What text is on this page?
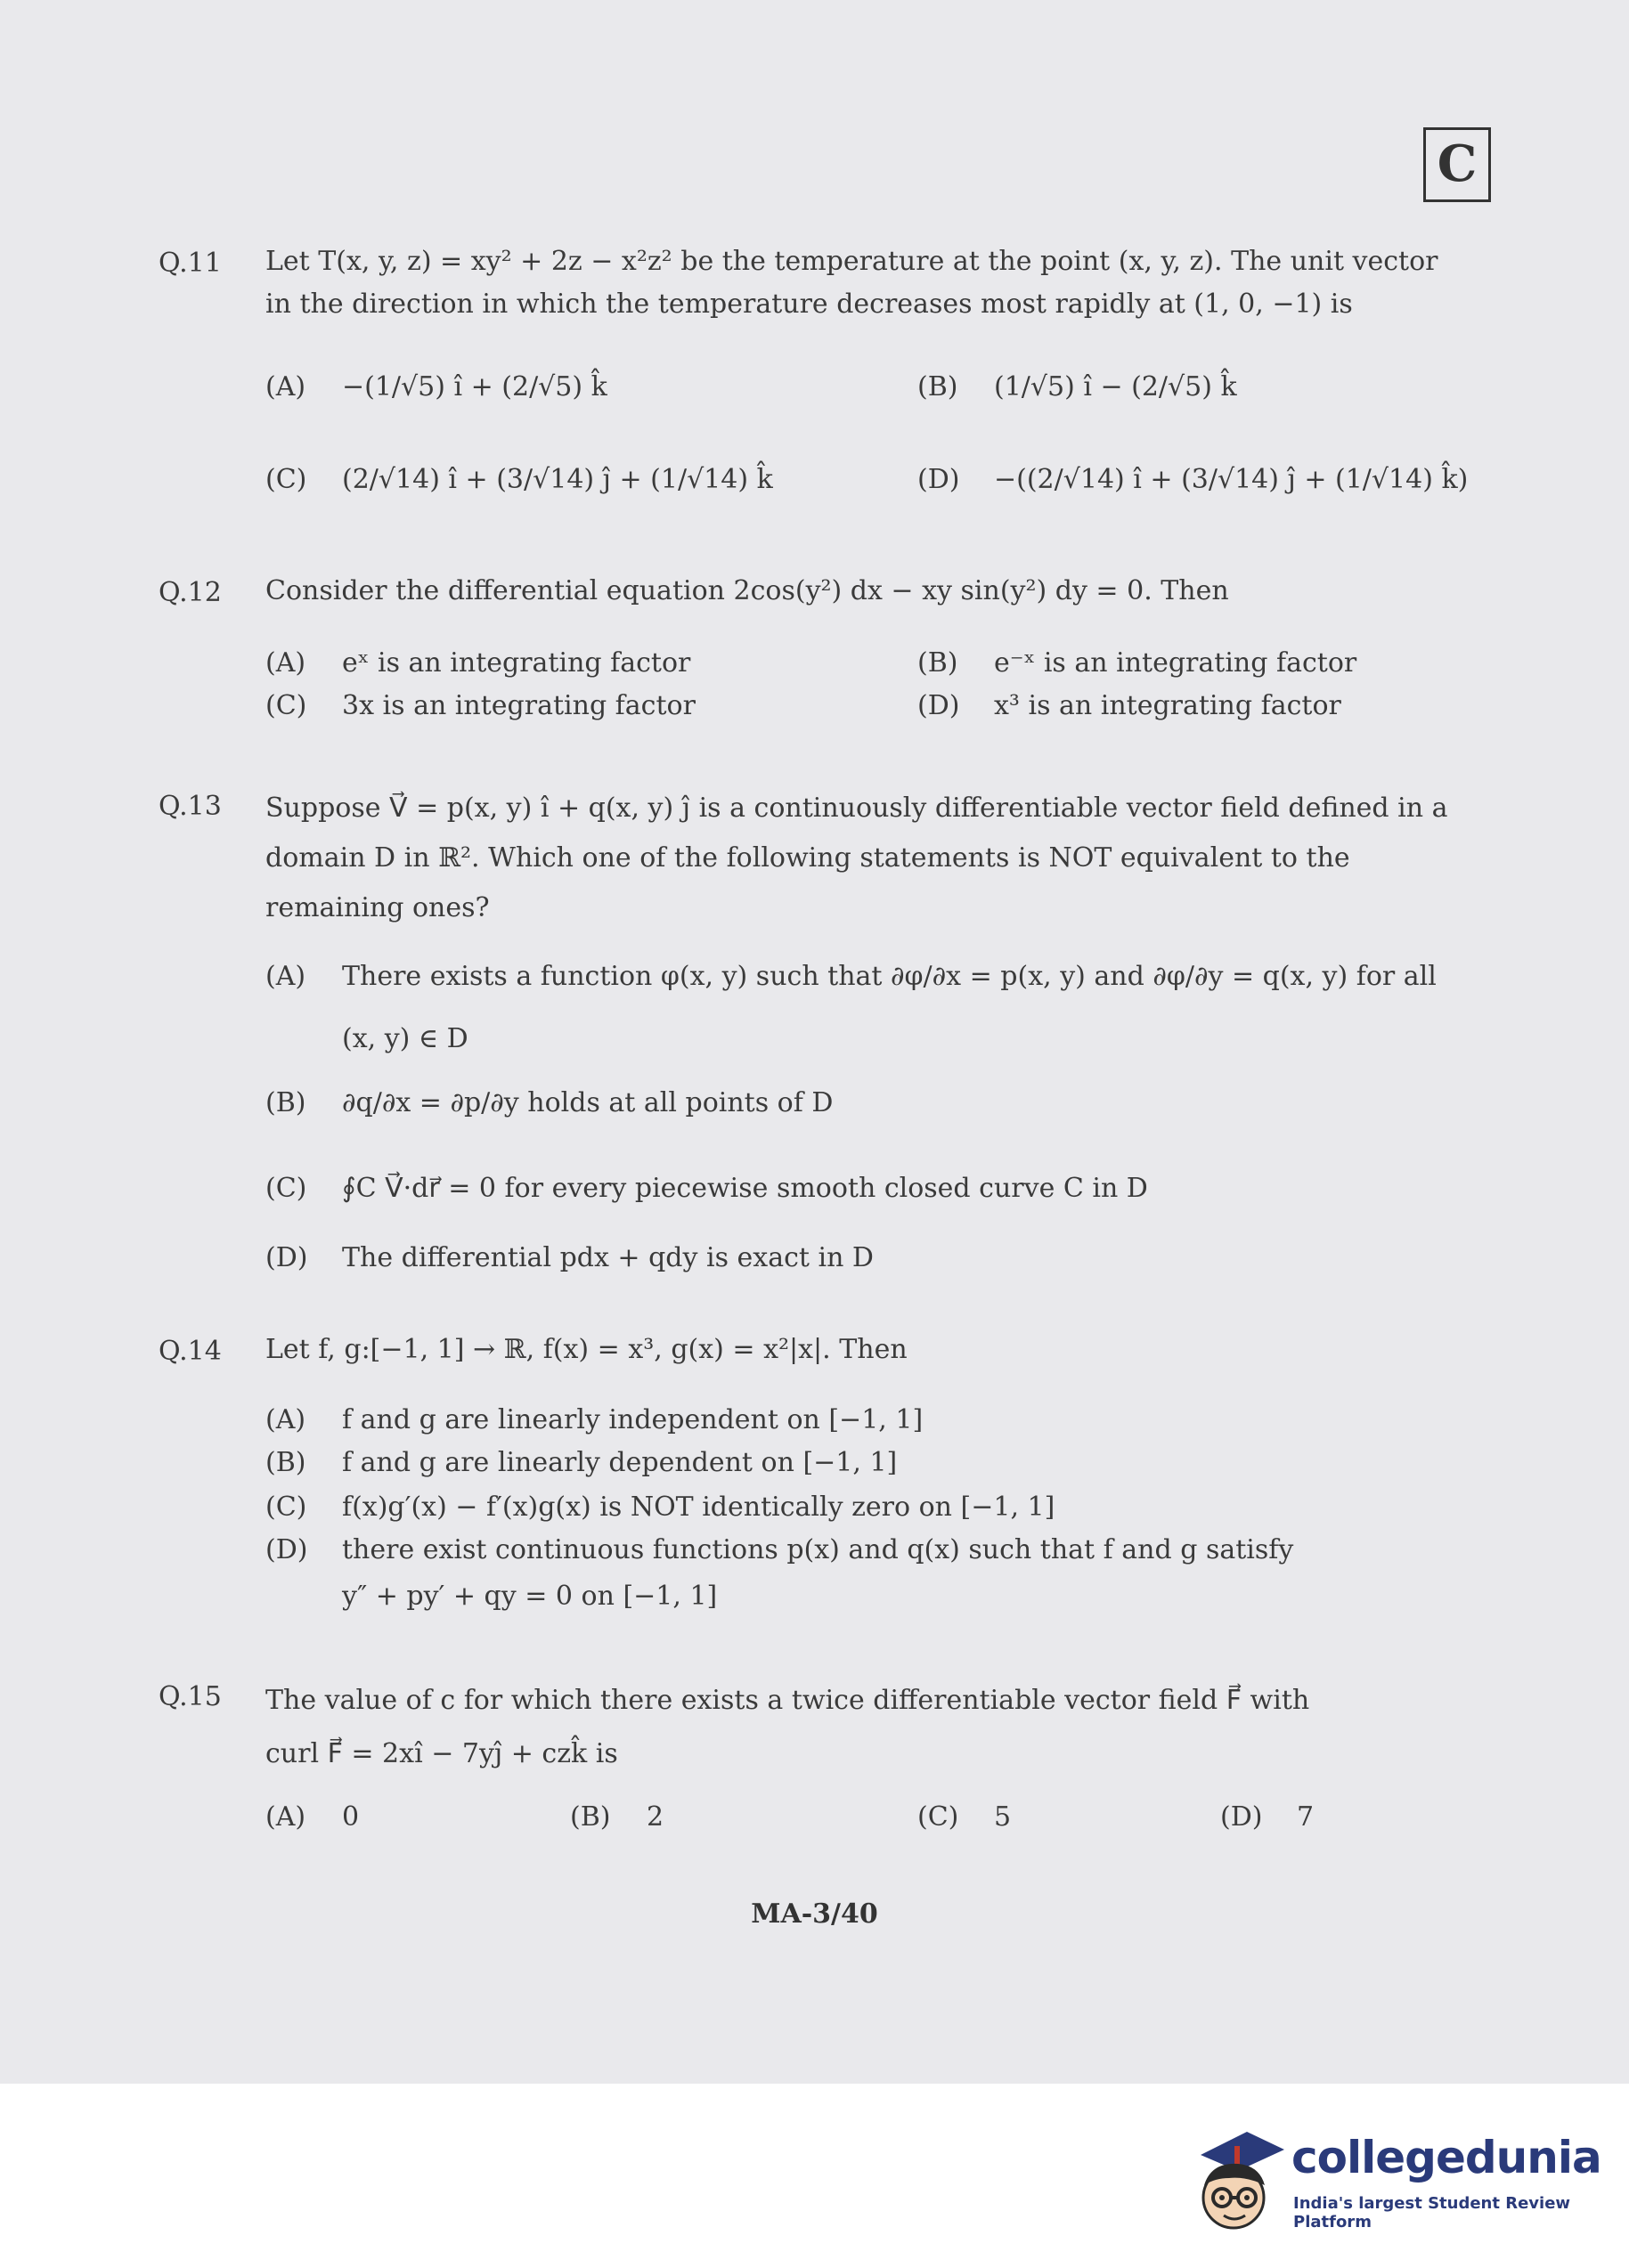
C
Q.11 Let T(x, y, z) = xy² + 2z − x²z² be the temperature at the point (x, y, z). The unit vector
in the direction in which the temperature decreases most rapidly at (1, 0, −1) is
(A) −(1/√5) î + (2/√5) k̂	(B) (1/√5) î − (2/√5) k̂
(C) (2/√14) î + (3/√14) ĵ + (1/√14) k̂	(D) −((2/√14) î + (3/√14) ĵ + (1/√14) k̂)
Q.12 Consider the differential equation 2cos(y²) dx − xy sin(y²) dy = 0. Then
(A) eˣ is an integrating factor	(B) e⁻ˣ is an integrating factor
(C) 3x is an integrating factor	(D) x³ is an integrating factor
Q.13 Suppose V⃗ = p(x, y) î + q(x, y) ĵ is a continuously differentiable vector field defined in a
domain D in ℝ². Which one of the following statements is NOT equivalent to the
remaining ones?
(A) There exists a function φ(x, y) such that ∂φ/∂x = p(x, y) and ∂φ/∂y = q(x, y) for all
(x, y) ∈ D
(B) ∂q/∂x = ∂p/∂y holds at all points of D
(C) ∮C V⃗·dr⃗ = 0 for every piecewise smooth closed curve C in D
(D) The differential pdx + qdy is exact in D
Q.14 Let f, g:[−1, 1] → ℝ, f(x) = x³, g(x) = x²|x|. Then
(A) f and g are linearly independent on [−1, 1]
(B) f and g are linearly dependent on [−1, 1]
(C) f(x)g′(x) − f′(x)g(x) is NOT identically zero on [−1, 1]
(D) there exist continuous functions p(x) and q(x) such that f and g satisfy
y″ + py′ + qy = 0 on [−1, 1]
Q.15 The value of c for which there exists a twice differentiable vector field F⃗ with
curl F⃗ = 2xî − 7yĵ + czk̂ is
(A) 0	(B) 2	(C) 5	(D) 7
MA-3/40
collegedunia
India's largest Student Review Platform
